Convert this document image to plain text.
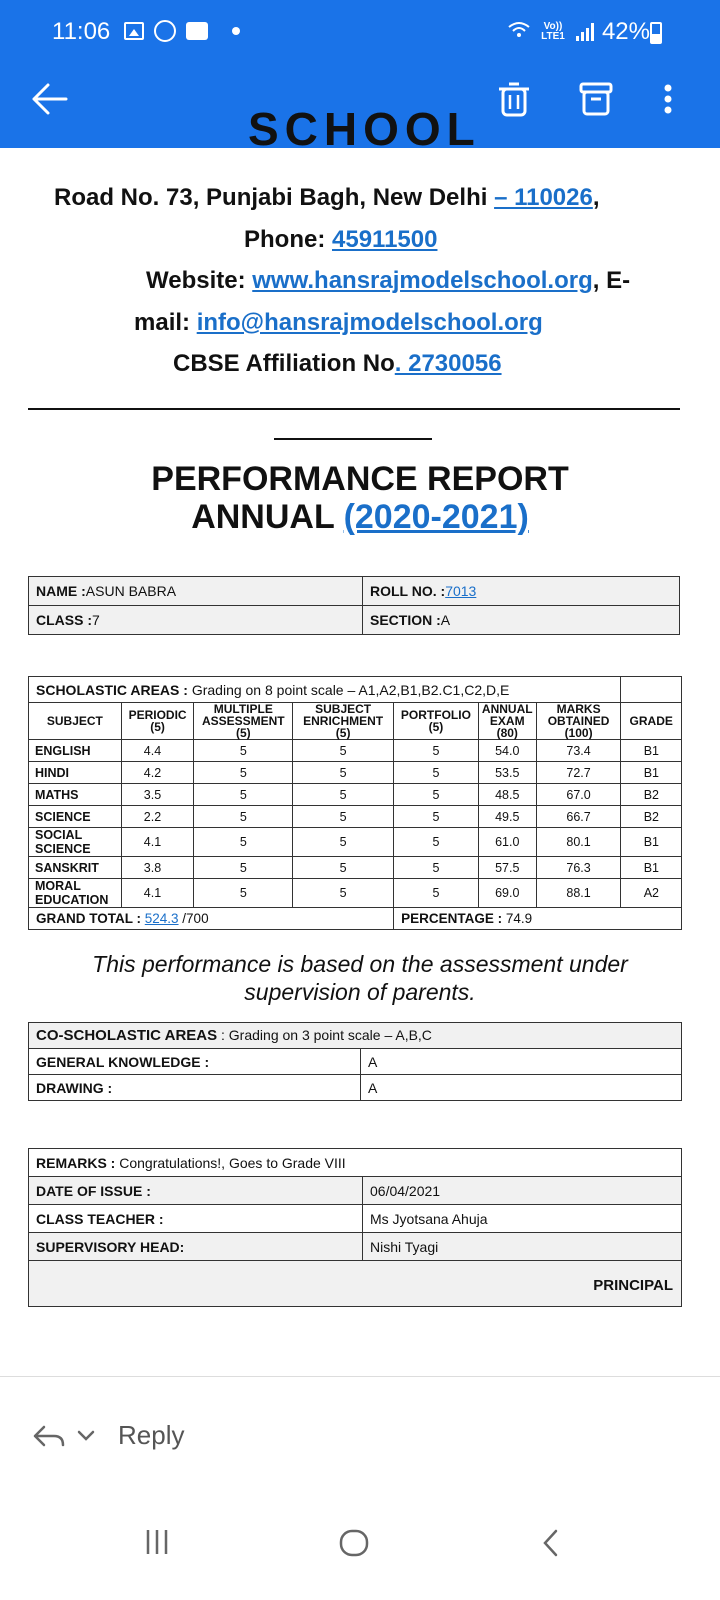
11:06	Vo)) LTE1 42%
SCHOOL
Road No. 73, Punjabi Bagh, New Delhi – 110026,
Phone: 45911500
Website: www.hansrajmodelschool.org, E-
mail: info@hansrajmodelschool.org
CBSE Affiliation No. 2730056
PERFORMANCE REPORT
ANNUAL (2020-2021)
NAME :ASUN BABRA	ROLL NO. :7013
CLASS :7	SECTION :A
SCHOLASTIC AREAS : Grading on 8 point scale – A1,A2,B1,B2.C1,C2,D,E							
SUBJECT	PERIODIC (5)	MULTIPLE ASSESSMENT (5)	SUBJECT ENRICHMENT (5)	PORTFOLIO (5)	ANNUAL EXAM (80)	MARKS OBTAINED (100)	GRADE
ENGLISH	4.4	5	5	5	54.0	73.4	B1
HINDI	4.2	5	5	5	53.5	72.7	B1
MATHS	3.5	5	5	5	48.5	67.0	B2
SCIENCE	2.2	5	5	5	49.5	66.7	B2
SOCIAL SCIENCE	4.1	5	5	5	61.0	80.1	B1
SANSKRIT	3.8	5	5	5	57.5	76.3	B1
MORAL EDUCATION	4.1	5	5	5	69.0	88.1	A2
GRAND TOTAL : 524.3 /700				PERCENTAGE : 74.9			
This performance is based on the assessment under supervision of parents.
CO-SCHOLASTIC AREAS : Grading on 3 point scale – A,B,C	
GENERAL KNOWLEDGE :	A
DRAWING :	A
REMARKS : Congratulations!, Goes to Grade VIII	
DATE OF ISSUE :	06/04/2021
CLASS TEACHER :	Ms Jyotsana Ahuja
SUPERVISORY HEAD:	Nishi Tyagi
PRINCIPAL	
Reply
